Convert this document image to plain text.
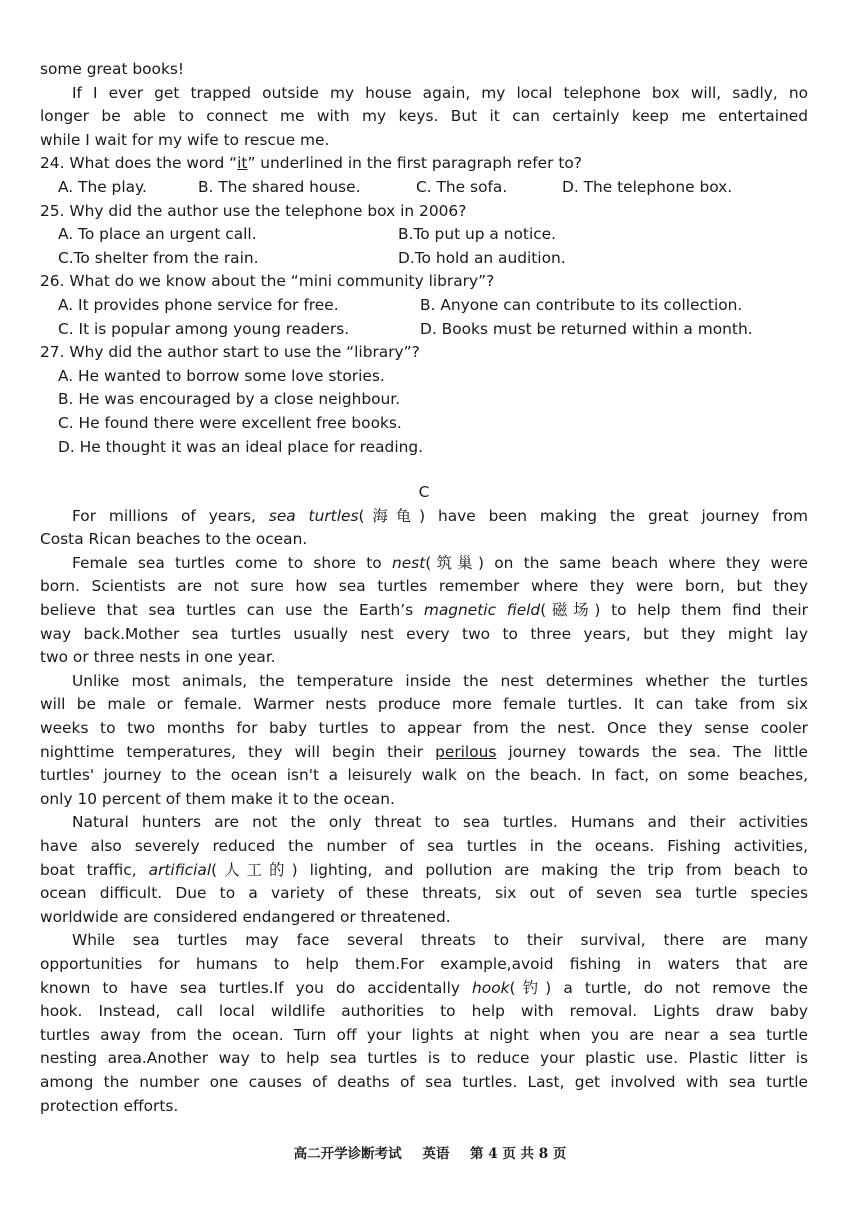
some great books!
If I ever get trapped outside my house again, my local telephone box will, sadly, no
longer be able to connect me with my keys. But it can certainly keep me entertained
while I wait for my wife to rescue me.
24. What does the word “it” underlined in the first paragraph refer to?
A. The play.	B. The shared house.	C. The sofa.	D. The telephone box.
25. Why did the author use the telephone box in 2006?
A. To place an urgent call.	B.To put up a notice.
C.To shelter from the rain.	D.To hold an audition.
26. What do we know about the “mini community library”?
A. It provides phone service for free.	B. Anyone can contribute to its collection.
C. It is popular among young readers.	D. Books must be returned within a month.
27. Why did the author start to use the “library”?
A. He wanted to borrow some love stories.
B. He was encouraged by a close neighbour.
C. He found there were excellent free books.
D. He thought it was an ideal place for reading.
C
For millions of years, sea turtles(海龟) have been making the great journey from
Costa Rican beaches to the ocean.
Female sea turtles come to shore to nest(筑巢) on the same beach where they were
born. Scientists are not sure how sea turtles remember where they were born, but they
believe that sea turtles can use the Earth’s magnetic field(磁场) to help them find their
way back.Mother sea turtles usually nest every two to three years, but they might lay
two or three nests in one year.
Unlike most animals, the temperature inside the nest determines whether the turtles
will be male or female. Warmer nests produce more female turtles. It can take from six
weeks to two months for baby turtles to appear from the nest. Once they sense cooler
nighttime temperatures, they will begin their perilous journey towards the sea. The little
turtles' journey to the ocean isn't a leisurely walk on the beach. In fact, on some beaches,
only 10 percent of them make it to the ocean.
Natural hunters are not the only threat to sea turtles. Humans and their activities
have also severely reduced the number of sea turtles in the oceans. Fishing activities,
boat traffic, artificial(人工的) lighting, and pollution are making the trip from beach to
ocean difficult. Due to a variety of these threats, six out of seven sea turtle species
worldwide are considered endangered or threatened.
While sea turtles may face several threats to their survival, there are many
opportunities for humans to help them.For example,avoid fishing in waters that are
known to have sea turtles.If you do accidentally hook(钓) a turtle, do not remove the
hook. Instead, call local wildlife authorities to help with removal. Lights draw baby
turtles away from the ocean. Turn off your lights at night when you are near a sea turtle
nesting area.Another way to help sea turtles is to reduce your plastic use. Plastic litter is
among the number one causes of deaths of sea turtles. Last, get involved with sea turtle
protection efforts.
高二开学诊断考试 英语 第 4 页 共 8 页
